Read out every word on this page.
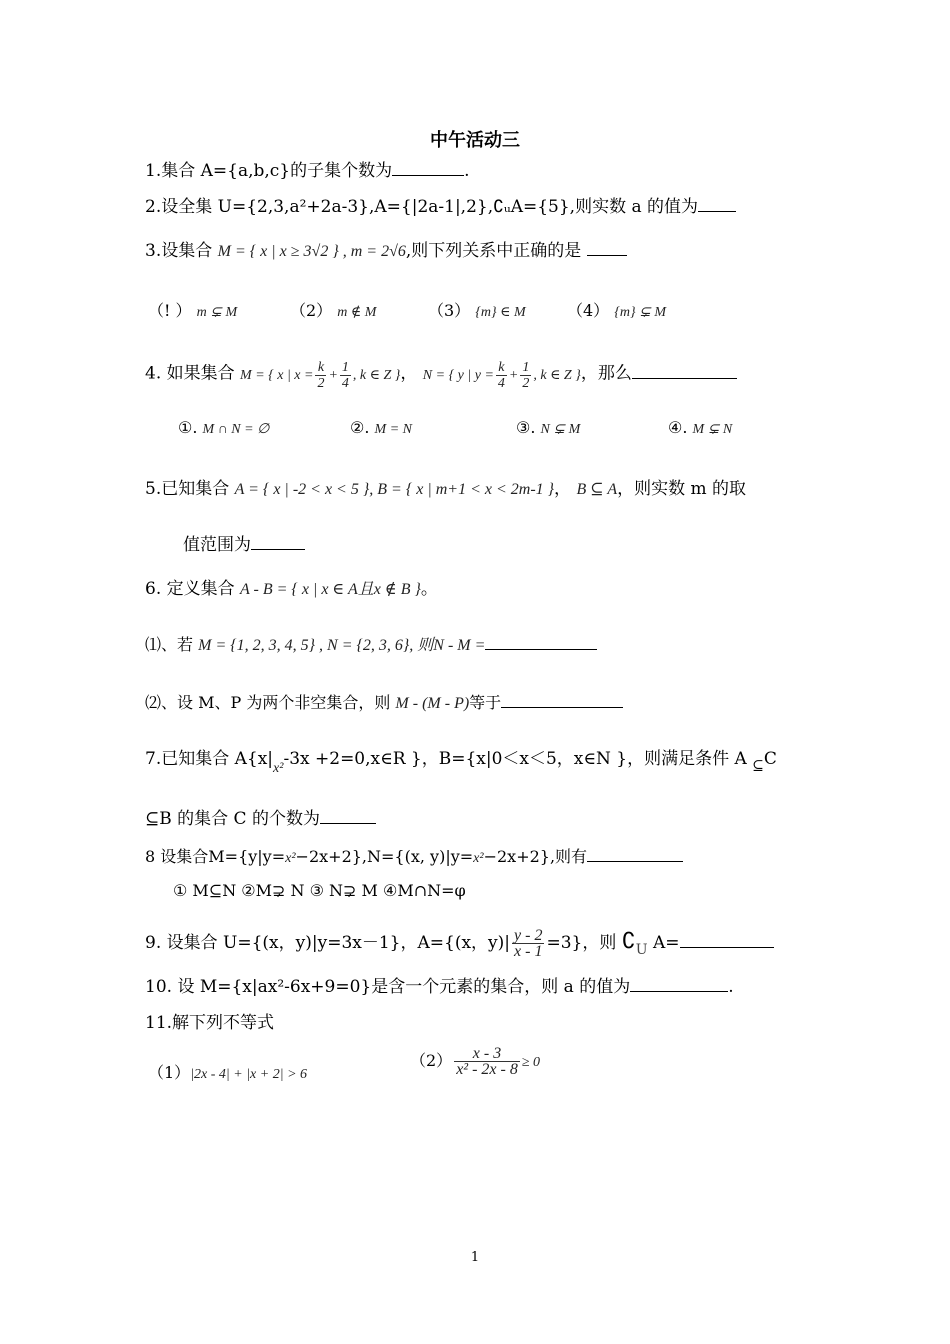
中午活动三
1.集合 A={a,b,c}的子集个数为	.
2.设全集 U={2,3,a²+2a-3},A={|2a-1|,2},∁ᵤA={5},则实数 a 的值为
3.设集合 M = { x | x ≥ 3√2 } , m = 2√6,则下列关系中正确的是
（! ） m ⊊ M	（2） m ∉ M	（3） {m} ∈ M	（4） {m} ⊊ M
4. 如果集合 M = { x | $x = \frac{k}{2} + \frac{1}{4}$ , k ∈ Z }， N = { y | $y = \frac{k}{4} + \frac{1}{2}$ , k ∈ Z }，那么
①. M ∩ N = ∅	②. M = N	③. N ⊊ M	④. M ⊊ N
5.已知集合 A = { x | -2 < x < 5 }, B = { x | m+1 < x < 2m-1 }， B ⊆ A，则实数 m 的取
值范围为
6. 定义集合 A - B = { x | x ∈ A且x ∉ B }。
⑴、若 M = {1, 2, 3, 4, 5} , N = {2, 3, 6}, 则N - M =
⑵、设 M、P 为两个非空集合，则 M - (M - P)等于
7.已知集合 $A\{x|_{x^2}-3x$ +2=0,x∈R }，B={x|0＜x＜5，x∈N }，则满足条件 A $_⊆$C
⊆B 的集合 C 的个数为
8 设集合M={y|y=x²−2x+2},N={(x, y)|y=x²−2x+2},则有
① M⊆N ②M⊋ N ③ N⊋ M ④M∩N=φ
9. 设集合 U={(x，y)|y=3x－1}，A={(x，$y)| \frac{y - 2}{x - 1} =3$}，则 $∁_U$ A=
10. 设 M={x|ax²-6x+9=0}是含一个元素的集合，则 a 的值为	.
11.解下列不等式
（1）|2x - 4| + |x + 2| > 6
$(2) \frac{x - 3}{\text{x² - 2x - 8}} \ge 0$
1
